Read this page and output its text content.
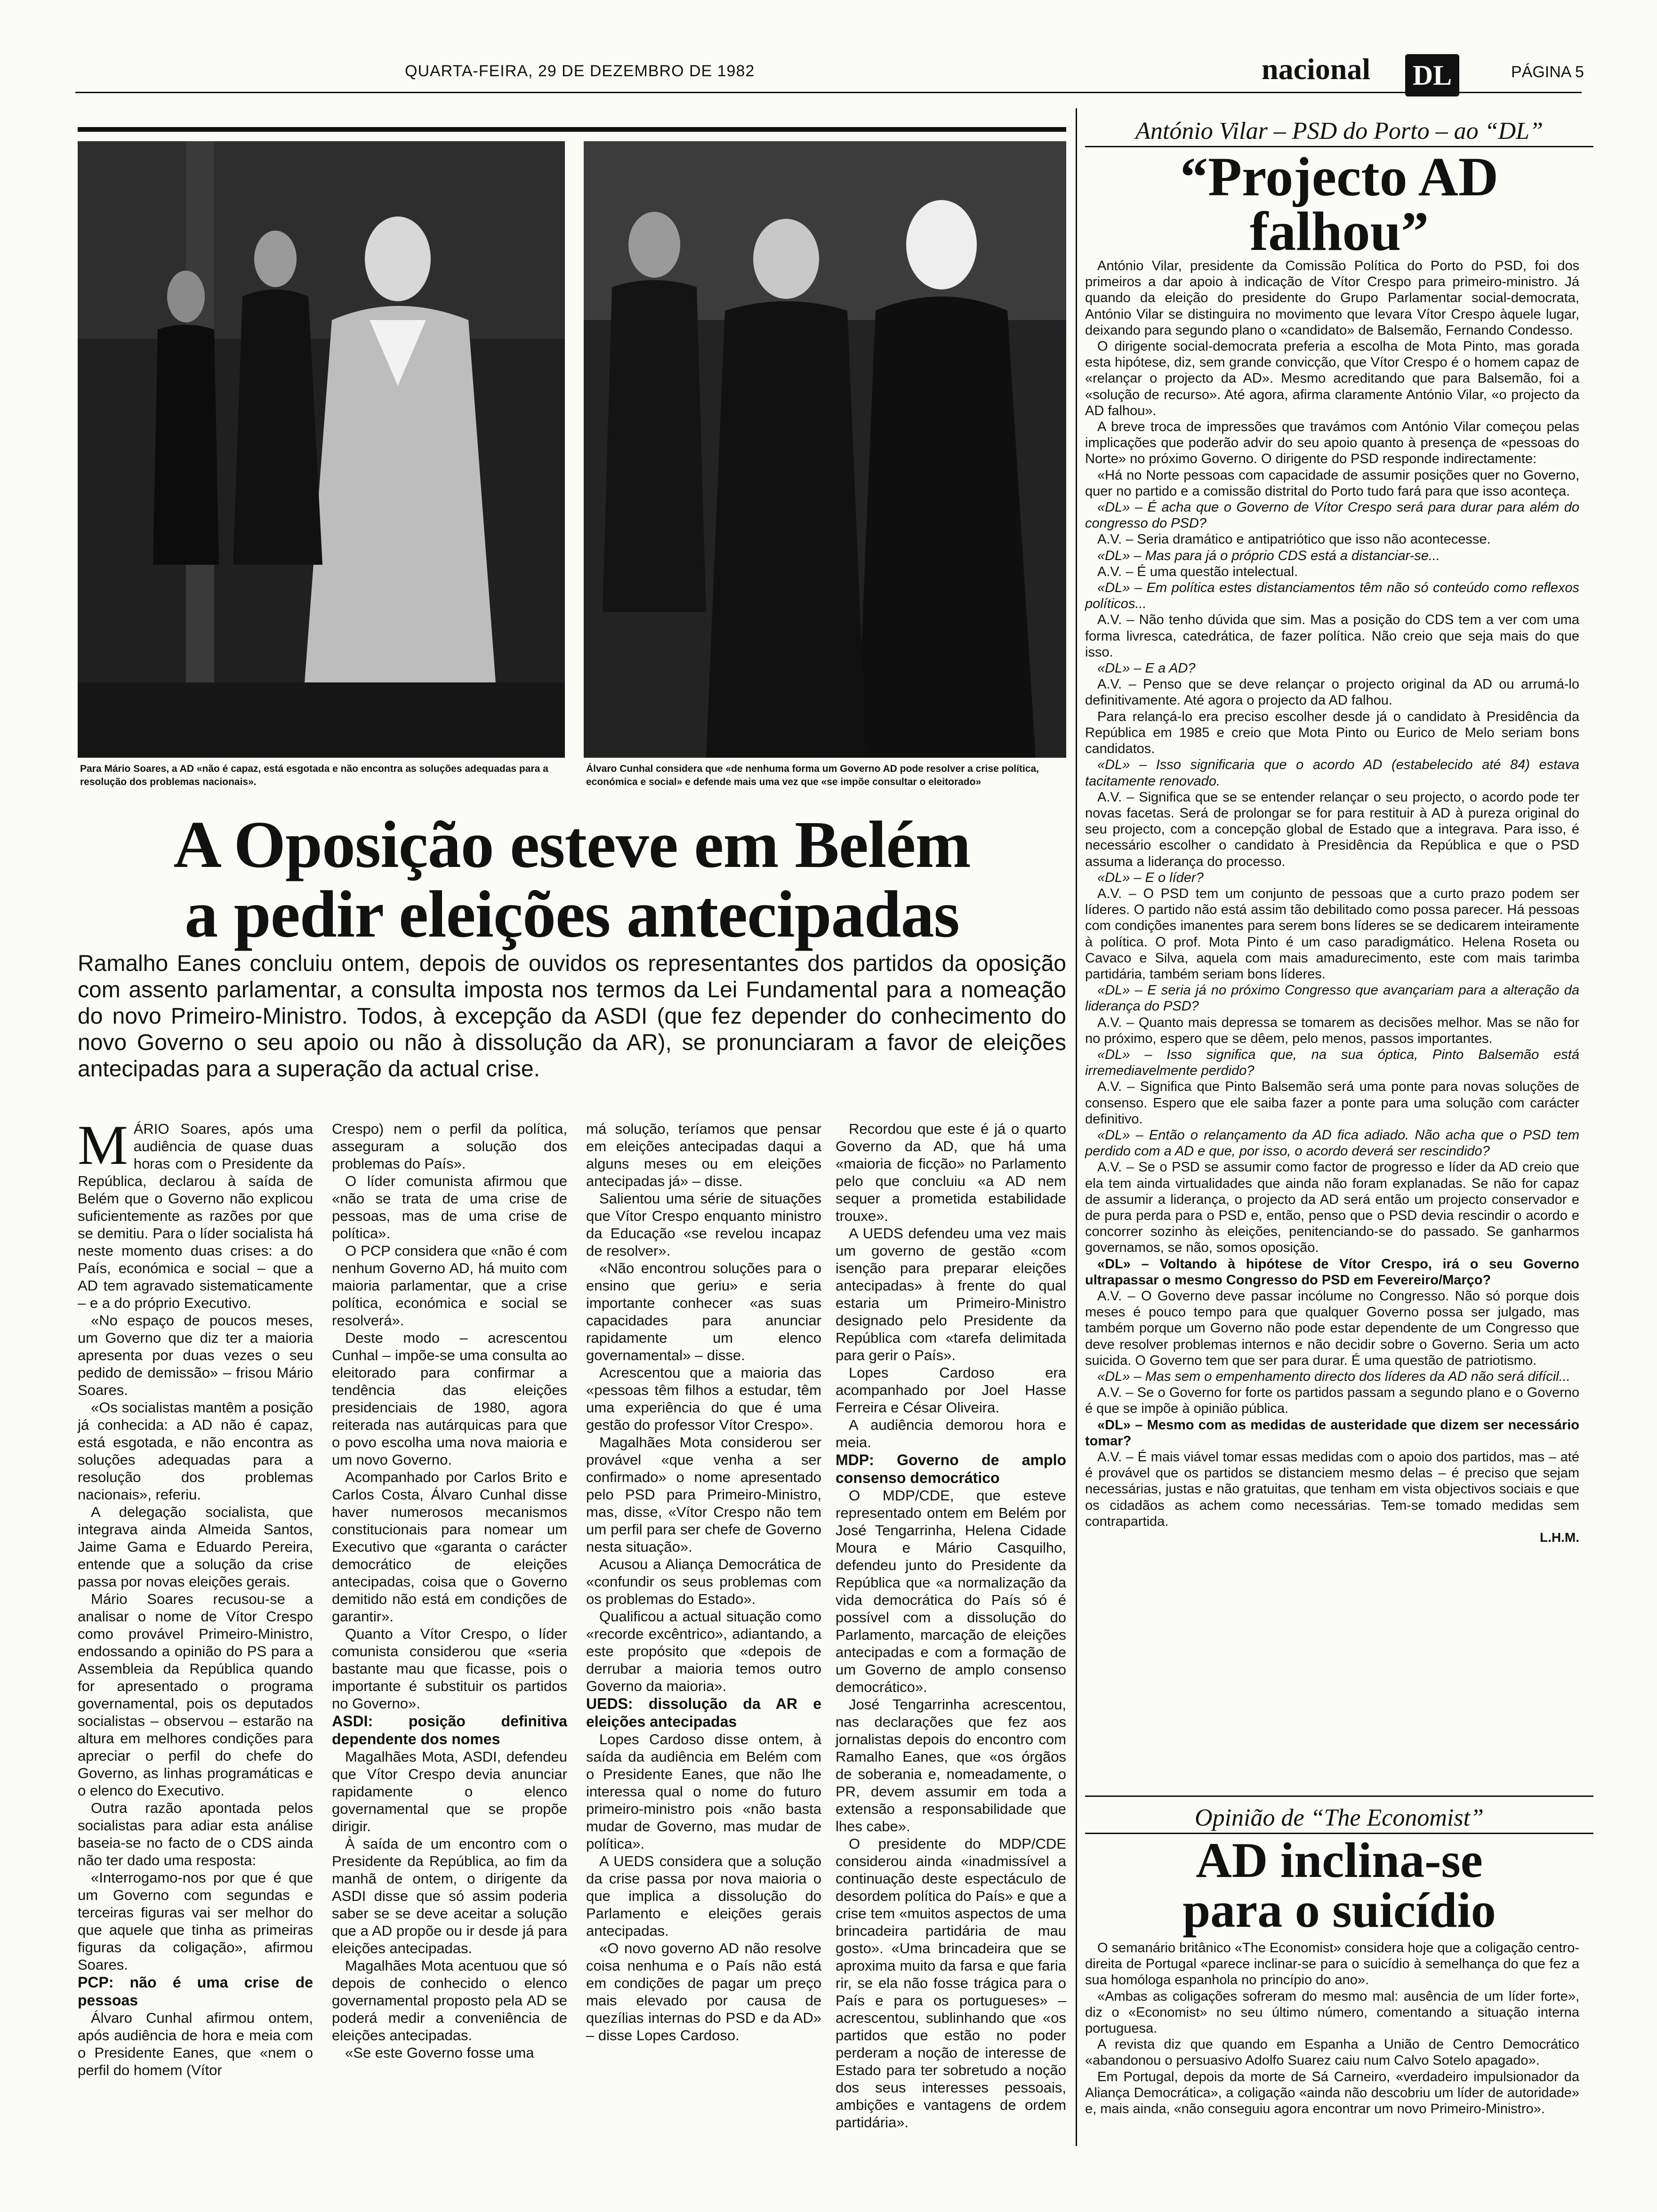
QUARTA-FEIRA, 29 DE DEZEMBRO DE 1982	nacional DL	PÁGINA 5
Para Mário Soares, a AD «não é capaz, está esgotada e não encontra as soluções adequadas para a resolução dos problemas nacionais».
Álvaro Cunhal considera que «de nenhuma forma um Governo AD pode resolver a crise política, económica e social» e defende mais uma vez que «se impõe consultar o eleitorado»
A Oposição esteve em Belém
a pedir eleições antecipadas
Ramalho Eanes concluiu ontem, depois de ouvidos os representantes dos partidos da oposição com assento parlamentar, a consulta imposta nos termos da Lei Fundamental para a nomeação do novo Primeiro-Ministro. Todos, à excepção da ASDI (que fez depender do conhecimento do novo Governo o seu apoio ou não à dissolução da AR), se pronunciaram a favor de eleições antecipadas para a superação da actual crise.

MÁRIO Soares, após uma audiência de quase duas horas com o Presidente da República, declarou à saída de Belém que o Governo não explicou suficientemente as razões por que se demitiu. Para o líder socialista há neste momento duas crises: a do País, económica e social – que a AD tem agravado sistematicamente – e a do próprio Executivo.

«No espaço de poucos meses, um Governo que diz ter a maioria apresenta por duas vezes o seu pedido de demissão» – frisou Mário Soares.

«Os socialistas mantêm a posição já conhecida: a AD não é capaz, está esgotada, e não encontra as soluções adequadas para a resolução dos problemas nacionais», referiu.

A delegação socialista, que integrava ainda Almeida Santos, Jaime Gama e Eduardo Pereira, entende que a solução da crise passa por novas eleições gerais.

Mário Soares recusou-se a analisar o nome de Vítor Crespo como provável Primeiro-Ministro, endossando a opinião do PS para a Assembleia da República quando for apresentado o programa governamental, pois os deputados socialistas – observou – estarão na altura em melhores condições para apreciar o perfil do chefe do Governo, as linhas programáticas e o elenco do Executivo.

Outra razão apontada pelos socialistas para adiar esta análise baseia-se no facto de o CDS ainda não ter dado uma resposta:

«Interrogamo-nos por que é que um Governo com segundas e terceiras figuras vai ser melhor do que aquele que tinha as primeiras figuras da coligação», afirmou Soares.

PCP: não é uma crise de pessoas

Álvaro Cunhal afirmou ontem, após audiência de hora e meia com o Presidente Eanes, que «nem o perfil do homem (Vítor

Crespo) nem o perfil da política, asseguram a solução dos problemas do País».

O líder comunista afirmou que «não se trata de uma crise de pessoas, mas de uma crise de política».

O PCP considera que «não é com nenhum Governo AD, há muito com maioria parlamentar, que a crise política, económica e social se resolverá».

Deste modo – acrescentou Cunhal – impõe-se uma consulta ao eleitorado para confirmar a tendência das eleições presidenciais de 1980, agora reiterada nas autárquicas para que o povo escolha uma nova maioria e um novo Governo.

Acompanhado por Carlos Brito e Carlos Costa, Álvaro Cunhal disse haver numerosos mecanismos constitucionais para nomear um Executivo que «garanta o carácter democrático de eleições antecipadas, coisa que o Governo demitido não está em condições de garantir».

Quanto a Vítor Crespo, o líder comunista considerou que «seria bastante mau que ficasse, pois o importante é substituir os partidos no Governo».

ASDI: posição definitiva dependente dos nomes

Magalhães Mota, ASDI, defendeu que Vítor Crespo devia anunciar rapidamente o elenco governamental que se propõe dirigir.

À saída de um encontro com o Presidente da República, ao fim da manhã de ontem, o dirigente da ASDI disse que só assim poderia saber se se deve aceitar a solução que a AD propõe ou ir desde já para eleições antecipadas.

Magalhães Mota acentuou que só depois de conhecido o elenco governamental proposto pela AD se poderá medir a conveniência de eleições antecipadas.

«Se este Governo fosse uma

má solução, teríamos que pensar em eleições antecipadas daqui a alguns meses ou em eleições antecipadas já» – disse.

Salientou uma série de situações que Vítor Crespo enquanto ministro da Educação «se revelou incapaz de resolver».

«Não encontrou soluções para o ensino que geriu» e seria importante conhecer «as suas capacidades para anunciar rapidamente um elenco governamental» – disse.

Acrescentou que a maioria das «pessoas têm filhos a estudar, têm uma experiência do que é uma gestão do professor Vítor Crespo».

Magalhães Mota considerou ser provável «que venha a ser confirmado» o nome apresentado pelo PSD para Primeiro-Ministro, mas, disse, «Vítor Crespo não tem um perfil para ser chefe de Governo nesta situação».

Acusou a Aliança Democrática de «confundir os seus problemas com os problemas do Estado».

Qualificou a actual situação como «recorde excêntrico», adiantando, a este propósito que «depois de derrubar a maioria temos outro Governo da maioria».

UEDS: dissolução da AR e eleições antecipadas

Lopes Cardoso disse ontem, à saída da audiência em Belém com o Presidente Eanes, que não lhe interessa qual o nome do futuro primeiro-ministro pois «não basta mudar de Governo, mas mudar de política».

A UEDS considera que a solução da crise passa por nova maioria o que implica a dissolução do Parlamento e eleições gerais antecipadas.

«O novo governo AD não resolve coisa nenhuma e o País não está em condições de pagar um preço mais elevado por causa de quezílias internas do PSD e da AD» – disse Lopes Cardoso.

Recordou que este é já o quarto Governo da AD, que há uma «maioria de ficção» no Parlamento pelo que concluiu «a AD nem sequer a prometida estabilidade trouxe».

A UEDS defendeu uma vez mais um governo de gestão «com isenção para preparar eleições antecipadas» à frente do qual estaria um Primeiro-Ministro designado pelo Presidente da República com «tarefa delimitada para gerir o País».

Lopes Cardoso era acompanhado por Joel Hasse Ferreira e César Oliveira.

A audiência demorou hora e meia.

MDP: Governo de amplo consenso democrático

O MDP/CDE, que esteve representado ontem em Belém por José Tengarrinha, Helena Cidade Moura e Mário Casquilho, defendeu junto do Presidente da República que «a normalização da vida democrática do País só é possível com a dissolução do Parlamento, marcação de eleições antecipadas e com a formação de um Governo de amplo consenso democrático».

José Tengarrinha acrescentou, nas declarações que fez aos jornalistas depois do encontro com Ramalho Eanes, que «os órgãos de soberania e, nomeadamente, o PR, devem assumir em toda a extensão a responsabilidade que lhes cabe».

O presidente do MDP/CDE considerou ainda «inadmissível a continuação deste espectáculo de desordem política do País» e que a crise tem «muitos aspectos de uma brincadeira partidária de mau gosto». «Uma brincadeira que se aproxima muito da farsa e que faria rir, se ela não fosse trágica para o País e para os portugueses» – acrescentou, sublinhando que «os partidos que estão no poder perderam a noção de interesse de Estado para ter sobretudo a noção dos seus interesses pessoais, ambições e vantagens de ordem partidária».

António Vilar – PSD do Porto – ao “DL”
“Projecto AD
falhou”

António Vilar, presidente da Comissão Política do Porto do PSD, foi dos primeiros a dar apoio à indicação de Vítor Crespo para primeiro-ministro. Já quando da eleição do presidente do Grupo Parlamentar social-democrata, António Vilar se distinguira no movimento que levara Vítor Crespo àquele lugar, deixando para segundo plano o «candidato» de Balsemão, Fernando Condesso.

O dirigente social-democrata preferia a escolha de Mota Pinto, mas gorada esta hipótese, diz, sem grande convicção, que Vítor Crespo é o homem capaz de «relançar o projecto da AD». Mesmo acreditando que para Balsemão, foi a «solução de recurso». Até agora, afirma claramente António Vilar, «o projecto da AD falhou».

A breve troca de impressões que travámos com António Vilar começou pelas implicações que poderão advir do seu apoio quanto à presença de «pessoas do Norte» no próximo Governo. O dirigente do PSD responde indirectamente:

«Há no Norte pessoas com capacidade de assumir posições quer no Governo, quer no partido e a comissão distrital do Porto tudo fará para que isso aconteça.

«DL» – É acha que o Governo de Vítor Crespo será para durar para além do congresso do PSD?

A.V. – Seria dramático e antipatriótico que isso não acontecesse.

«DL» – Mas para já o próprio CDS está a distanciar-se...

A.V. – É uma questão intelectual.

«DL» – Em política estes distanciamentos têm não só conteúdo como reflexos políticos...

A.V. – Não tenho dúvida que sim. Mas a posição do CDS tem a ver com uma forma livresca, catedrática, de fazer política. Não creio que seja mais do que isso.

«DL» – E a AD?

A.V. – Penso que se deve relançar o projecto original da AD ou arrumá-lo definitivamente. Até agora o projecto da AD falhou.

Para relançá-lo era preciso escolher desde já o candidato à Presidência da República em 1985 e creio que Mota Pinto ou Eurico de Melo seriam bons candidatos.

«DL» – Isso significaria que o acordo AD (estabelecido até 84) estava tacitamente renovado.

A.V. – Significa que se se entender relançar o seu projecto, o acordo pode ter novas facetas. Será de prolongar se for para restituir à AD à pureza original do seu projecto, com a concepção global de Estado que a integrava. Para isso, é necessário escolher o candidato à Presidência da República e que o PSD assuma a liderança do processo.

«DL» – E o líder?

A.V. – O PSD tem um conjunto de pessoas que a curto prazo podem ser líderes. O partido não está assim tão debilitado como possa parecer. Há pessoas com condições imanentes para serem bons líderes se se dedicarem inteiramente à política. O prof. Mota Pinto é um caso paradigmático. Helena Roseta ou Cavaco e Silva, aquela com mais amadurecimento, este com mais tarimba partidária, também seriam bons líderes.

«DL» – E seria já no próximo Congresso que avançariam para a alteração da liderança do PSD?

A.V. – Quanto mais depressa se tomarem as decisões melhor. Mas se não for no próximo, espero que se dêem, pelo menos, passos importantes.

«DL» – Isso significa que, na sua óptica, Pinto Balsemão está irremediavelmente perdido?

A.V. – Significa que Pinto Balsemão será uma ponte para novas soluções de consenso. Espero que ele saiba fazer a ponte para uma solução com carácter definitivo.

«DL» – Então o relançamento da AD fica adiado. Não acha que o PSD tem perdido com a AD e que, por isso, o acordo deverá ser rescindido?

A.V. – Se o PSD se assumir como factor de progresso e líder da AD creio que ela tem ainda virtualidades que ainda não foram explanadas. Se não for capaz de assumir a liderança, o projecto da AD será então um projecto conservador e de pura perda para o PSD e, então, penso que o PSD devia rescindir o acordo e concorrer sozinho às eleições, penitenciando-se do passado. Se ganharmos governamos, se não, somos oposição.

«DL» – Voltando à hipótese de Vítor Crespo, irá o seu Governo ultrapassar o mesmo Congresso do PSD em Fevereiro/Março?

A.V. – O Governo deve passar incólume no Congresso. Não só porque dois meses é pouco tempo para que qualquer Governo possa ser julgado, mas também porque um Governo não pode estar dependente de um Congresso que deve resolver problemas internos e não decidir sobre o Governo. Seria um acto suicida. O Governo tem que ser para durar. É uma questão de patriotismo.

«DL» – Mas sem o empenhamento directo dos líderes da AD não será difícil...

A.V. – Se o Governo for forte os partidos passam a segundo plano e o Governo é que se impõe à opinião pública.

«DL» – Mesmo com as medidas de austeridade que dizem ser necessário tomar?

A.V. – É mais viável tomar essas medidas com o apoio dos partidos, mas – até é provável que os partidos se distanciem mesmo delas – é preciso que sejam necessárias, justas e não gratuitas, que tenham em vista objectivos sociais e que os cidadãos as achem como necessárias. Tem-se tomado medidas sem contrapartida.

L.H.M.
Opinião de “The Economist”
AD inclina-se
para o suicídio

O semanário britânico «The Economist» considera hoje que a coligação centro-direita de Portugal «parece inclinar-se para o suicídio à semelhança do que fez a sua homóloga espanhola no princípio do ano».

«Ambas as coligações sofreram do mesmo mal: ausência de um líder forte», diz o «Economist» no seu último número, comentando a situação interna portuguesa.

A revista diz que quando em Espanha a União de Centro Democrático «abandonou o persuasivo Adolfo Suarez caiu num Calvo Sotelo apagado».

Em Portugal, depois da morte de Sá Carneiro, «verdadeiro impulsionador da Aliança Democrática», a coligação «ainda não descobriu um líder de autoridade» e, mais ainda, «não conseguiu agora encontrar um novo Primeiro-Ministro».
